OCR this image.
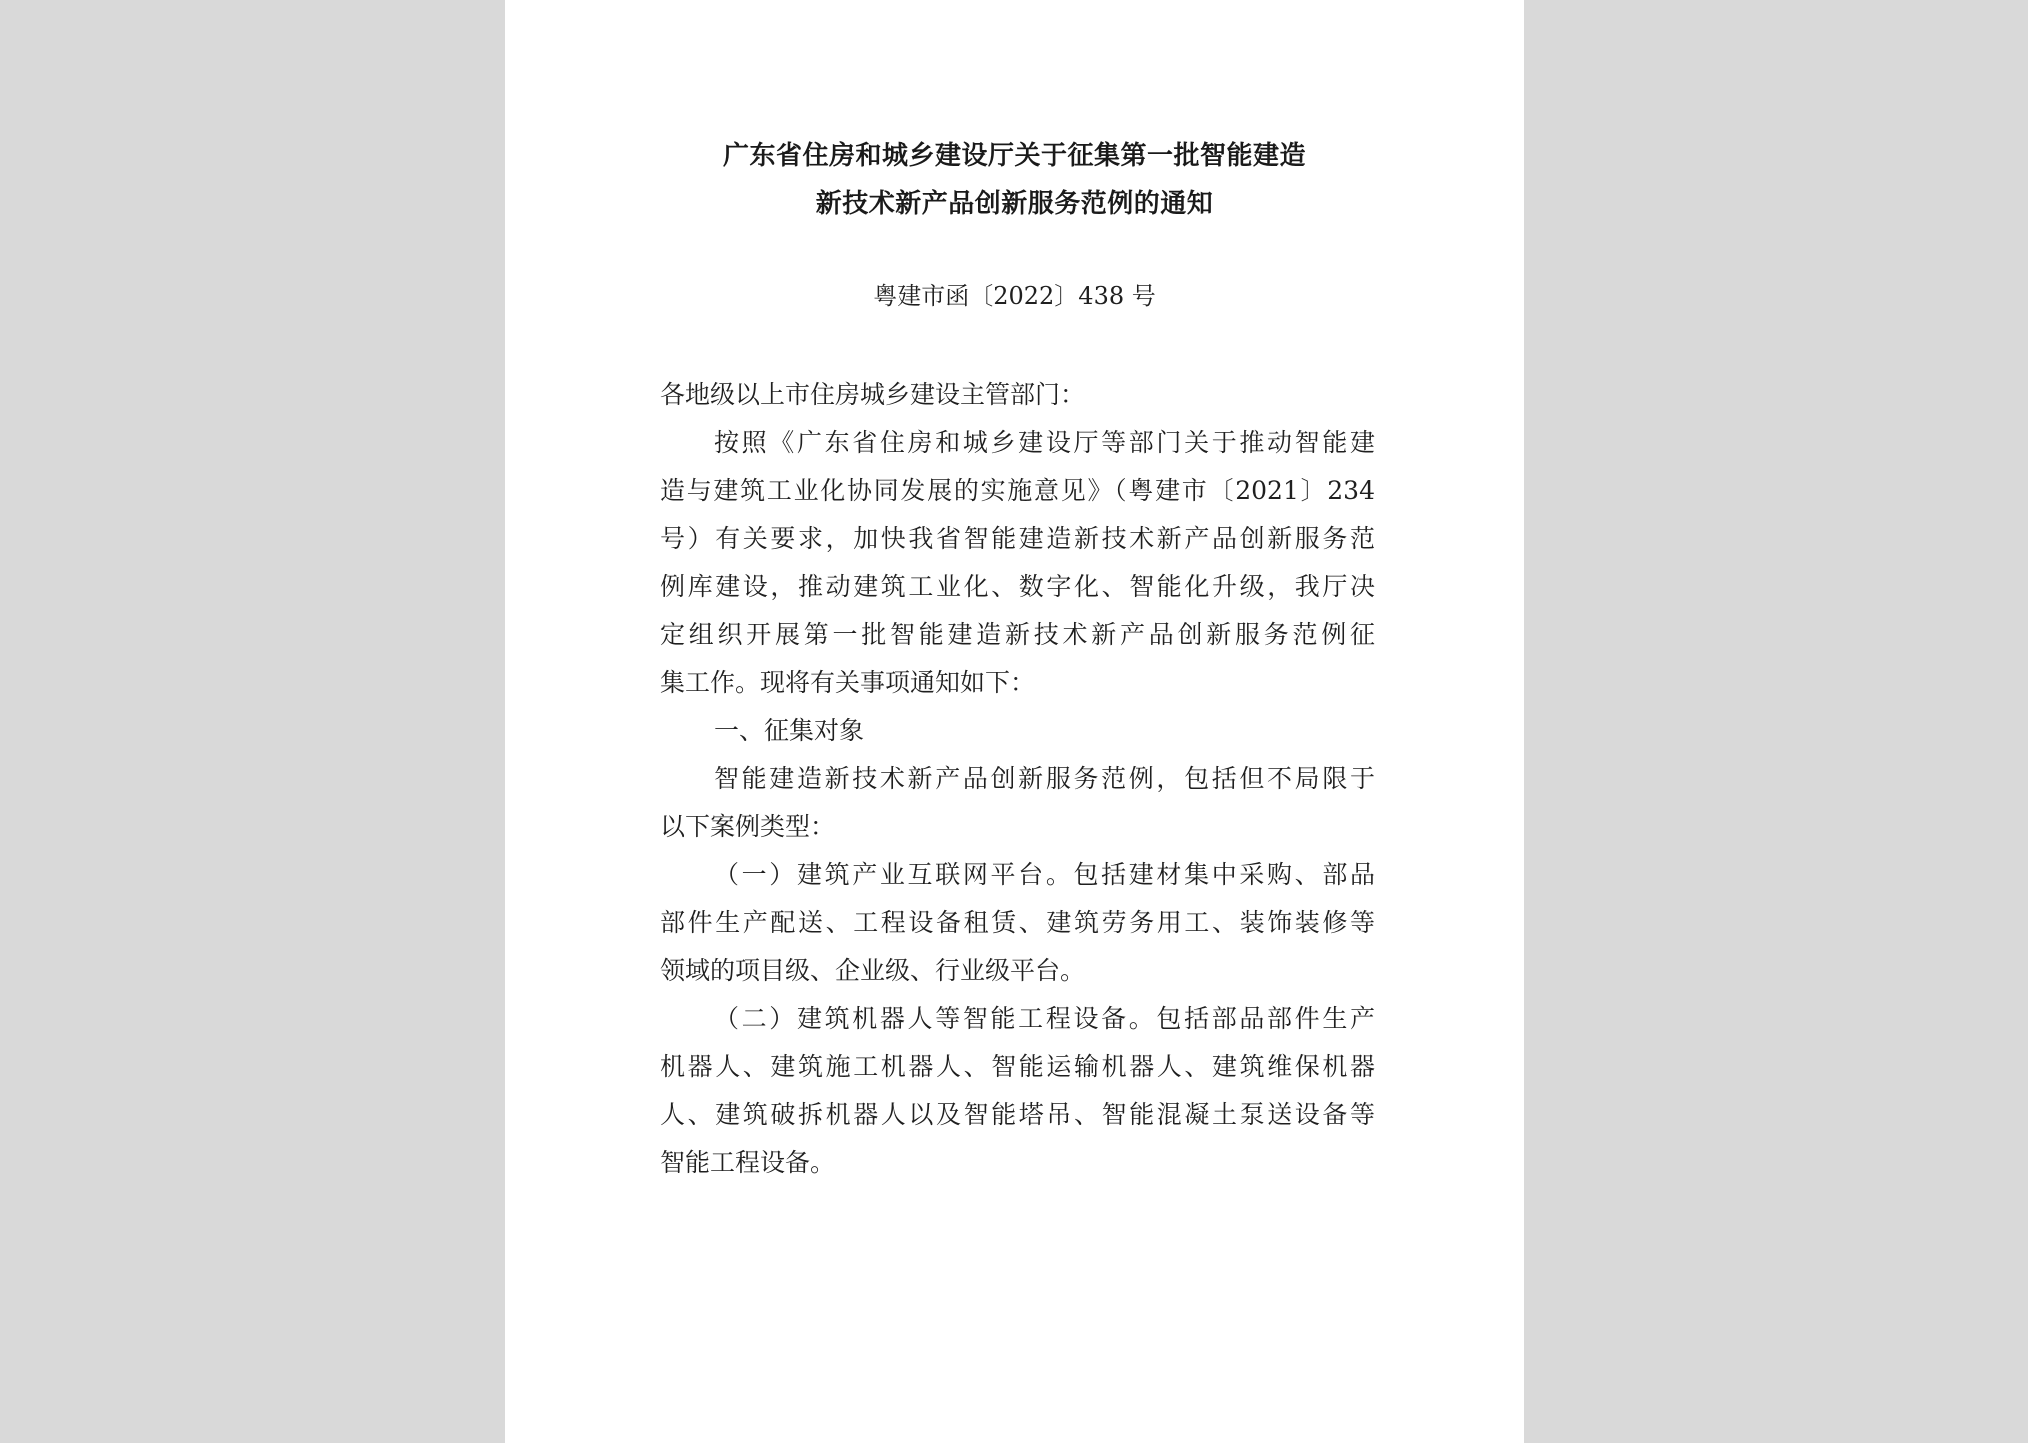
广东省住房和城乡建设厅关于征集第一批智能建造
新技术新产品创新服务范例的通知
粤建市函〔2022〕438 号
各地级以上市住房城乡建设主管部门：
按照《广东省住房和城乡建设厅等部门关于推动智能建
造与建筑工业化协同发展的实施意见》（粤建市〔2021〕234
号）有关要求，加快我省智能建造新技术新产品创新服务范
例库建设，推动建筑工业化、数字化、智能化升级，我厅决
定组织开展第一批智能建造新技术新产品创新服务范例征
集工作。现将有关事项通知如下：
一、征集对象
智能建造新技术新产品创新服务范例，包括但不局限于
以下案例类型：
（一）建筑产业互联网平台。包括建材集中采购、部品
部件生产配送、工程设备租赁、建筑劳务用工、装饰装修等
领域的项目级、企业级、行业级平台。
（二）建筑机器人等智能工程设备。包括部品部件生产
机器人、建筑施工机器人、智能运输机器人、建筑维保机器
人、建筑破拆机器人以及智能塔吊、智能混凝土泵送设备等
智能工程设备。
